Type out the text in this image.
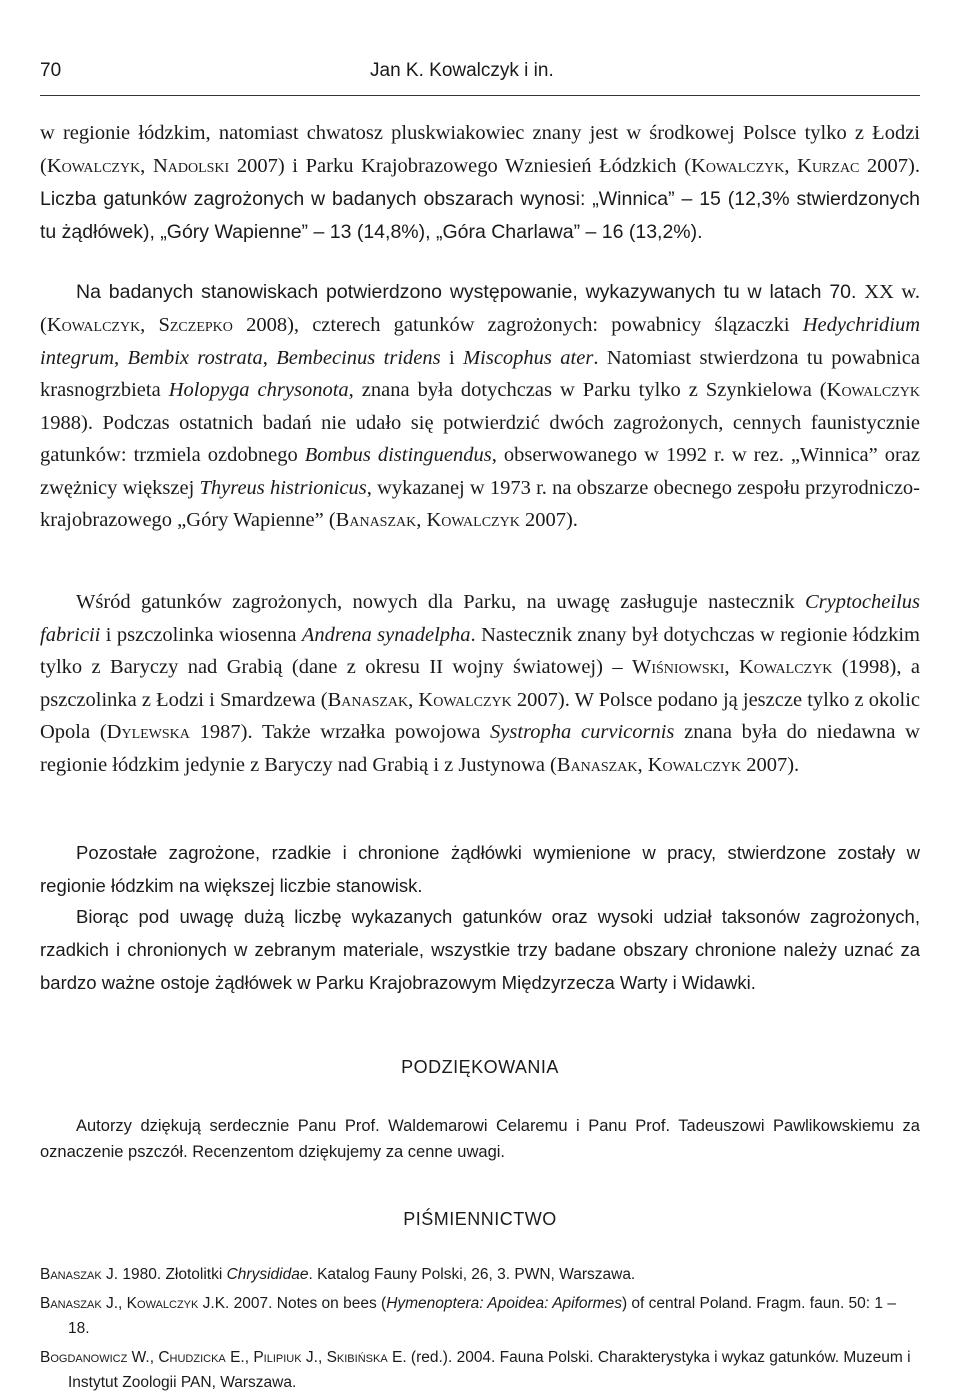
70	Jan K. Kowalczyk i in.

w regionie łódzkim, natomiast chwatosz pluskwiakowiec znany jest w środkowej Polsce tylko z Łodzi (Kowalczyk, Nadolski 2007) i Parku Krajobrazowego Wzniesień Łódzkich (Kowalczyk, Kurzac 2007). Liczba gatunków zagrożonych w badanych obszarach wynosi: „Winnica” – 15 (12,3% stwierdzonych tu żądłówek), „Góry Wapienne” – 13 (14,8%), „Góra Charlawa” – 16 (13,2%).

Na badanych stanowiskach potwierdzono występowanie, wykazywanych tu w latach 70. XX w. (Kowalczyk, Szczepko 2008), czterech gatunków zagrożonych: powabnicy ślązaczki Hedychridium integrum, Bembix rostrata, Bembecinus tridens i Miscophus ater. Natomiast stwierdzona tu powabnica krasnogrzbieta Holopyga chrysonota, znana była dotychczas w Parku tylko z Szynkielowa (Kowalczyk 1988). Podczas ostatnich badań nie udało się potwierdzić dwóch zagrożonych, cennych faunistycznie gatunków: trzmiela ozdobnego Bombus distinguendus, obserwowanego w 1992 r. w rez. „Winnica” oraz zwężnicy większej Thyreus histrionicus, wykazanej w 1973 r. na obszarze obecnego zespołu przyrodniczo-krajobrazowego „Góry Wapienne” (Banaszak, Kowalczyk 2007).

Wśród gatunków zagrożonych, nowych dla Parku, na uwagę zasługuje nastecznik Cryptocheilus fabricii i pszczolinka wiosenna Andrena synadelpha. Nastecznik znany był dotychczas w regionie łódzkim tylko z Baryczy nad Grabią (dane z okresu II wojny światowej) – Wiśniowski, Kowalczyk (1998), a pszczolinka z Łodzi i Smardzewa (Banaszak, Kowalczyk 2007). W Polsce podano ją jeszcze tylko z okolic Opola (Dylewska 1987). Także wrzałka powojowa Systropha curvicornis znana była do niedawna w regionie łódzkim jedynie z Baryczy nad Grabią i z Justynowa (Banaszak, Kowalczyk 2007).

Pozostałe zagrożone, rzadkie i chronione żądłówki wymienione w pracy, stwierdzone zostały w regionie łódzkim na większej liczbie stanowisk.

Biorąc pod uwagę dużą liczbę wykazanych gatunków oraz wysoki udział taksonów zagrożonych, rzadkich i chronionych w zebranym materiale, wszystkie trzy badane obszary chronione należy uznać za bardzo ważne ostoje żądłówek w Parku Krajobrazowym Międzyrzecza Warty i Widawki.

PODZIĘKOWANIA

Autorzy dziękują serdecznie Panu Prof. Waldemarowi Celaremu i Panu Prof. Tadeuszowi Pawlikowskiemu za oznaczenie pszczół. Recenzentom dziękujemy za cenne uwagi.

PIŚMIENNICTWO
Banaszak J. 1980. Złotolitki Chrysididae. Katalog Fauny Polski, 26, 3. PWN, Warszawa.
Banaszak J., Kowalczyk J.K. 2007. Notes on bees (Hymenoptera: Apoidea: Apiformes) of central Poland. Fragm. faun. 50: 1 – 18.
Bogdanowicz W., Chudzicka E., Pilipiuk J., Skibińska E. (red.). 2004. Fauna Polski. Charakterystyka i wykaz gatunków. Muzeum i Instytut Zoologii PAN, Warszawa.
